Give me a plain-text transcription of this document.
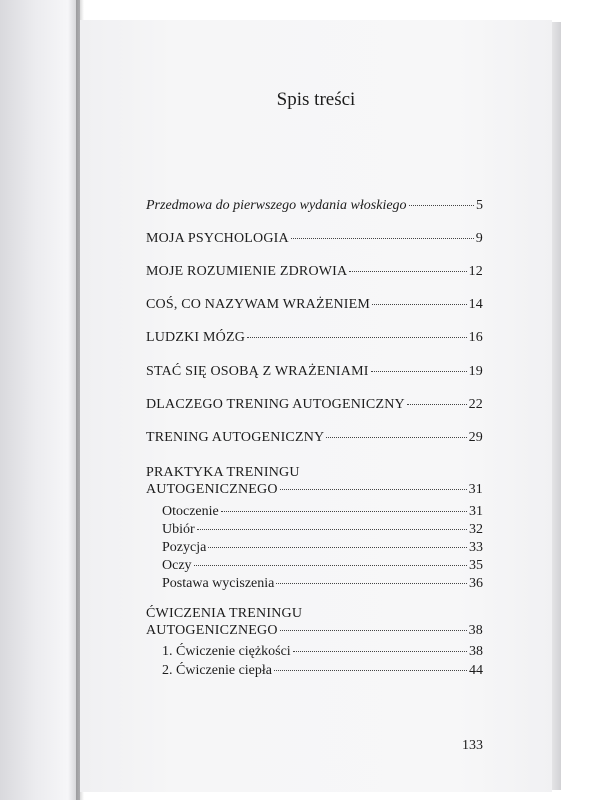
Spis treści
Przedmowa do pierwszego wydania włoskiego	5
MOJA PSYCHOLOGIA	9
MOJE ROZUMIENIE ZDROWIA	12
COŚ, CO NAZYWAM WRAŻENIEM	14
LUDZKI MÓZG	16
STAĆ SIĘ OSOBĄ Z WRAŻENIAMI	19
DLACZEGO TRENING AUTOGENICZNY	22
TRENING AUTOGENICZNY	29
PRAKTYKA TRENINGU
AUTOGENICZNEGO	31
Otoczenie	31
Ubiór	32
Pozycja	33
Oczy	35
Postawa wyciszenia	36
ĆWICZENIA TRENINGU
AUTOGENICZNEGO	38
1. Ćwiczenie ciężkości	38
2. Ćwiczenie ciepła	44
133
